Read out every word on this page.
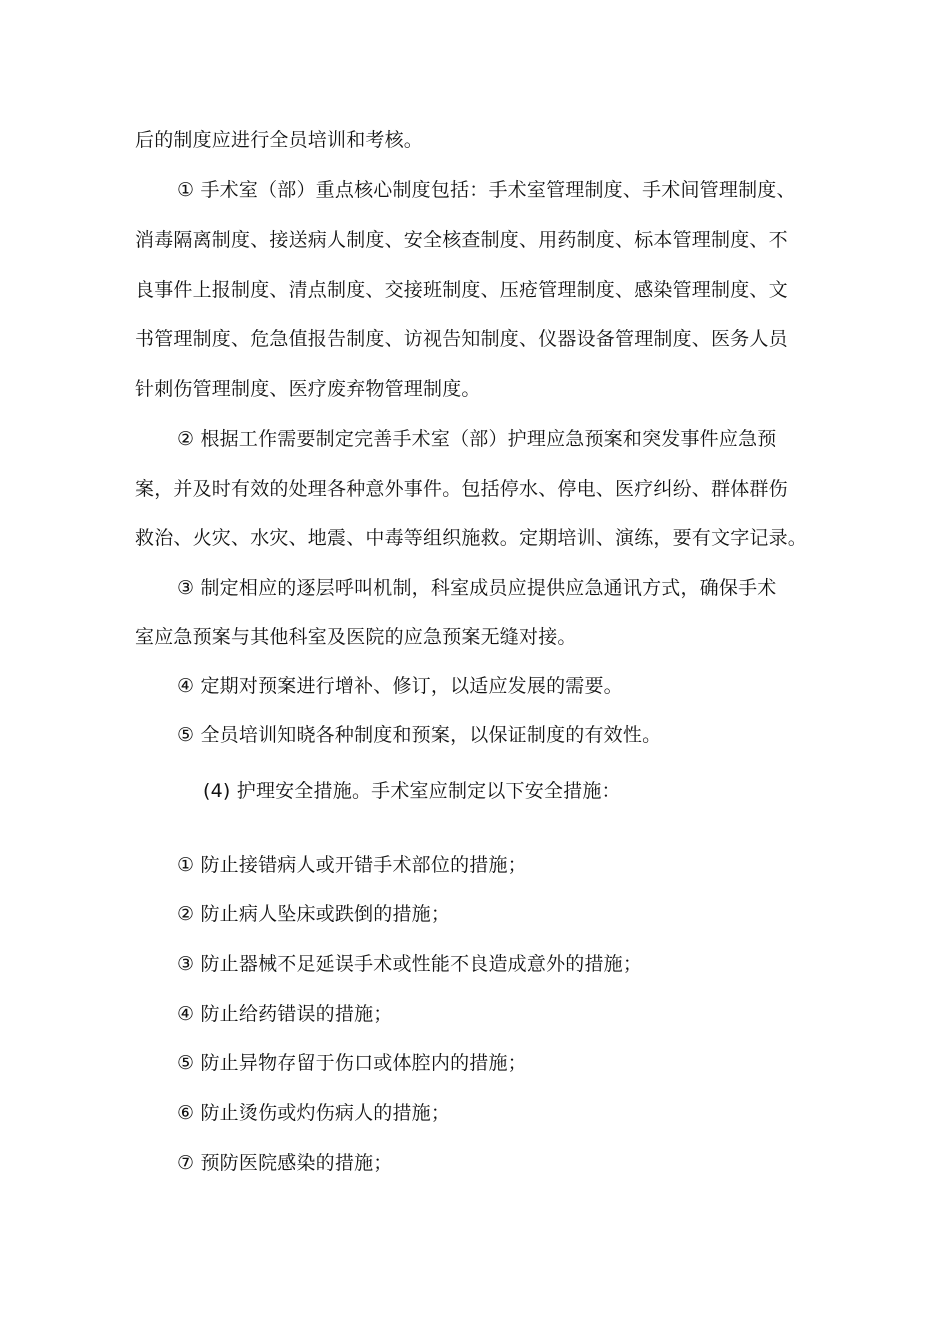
后的制度应进行全员培训和考核。
① 手术室（部）重点核心制度包括：手术室管理制度、手术间管理制度、
消毒隔离制度、接送病人制度、安全核查制度、用药制度、标本管理制度、不
良事件上报制度、清点制度、交接班制度、压疮管理制度、感染管理制度、文
书管理制度、危急值报告制度、访视告知制度、仪器设备管理制度、医务人员
针刺伤管理制度、医疗废弃物管理制度。
② 根据工作需要制定完善手术室（部）护理应急预案和突发事件应急预
案，并及时有效的处理各种意外事件。包括停水、停电、医疗纠纷、群体群伤
救治、火灾、水灾、地震、中毒等组织施救。定期培训、演练，要有文字记录。
③ 制定相应的逐层呼叫机制，科室成员应提供应急通讯方式，确保手术
室应急预案与其他科室及医院的应急预案无缝对接。
④ 定期对预案进行增补、修订，以适应发展的需要。
⑤ 全员培训知晓各种制度和预案，以保证制度的有效性。
(4) 护理安全措施。手术室应制定以下安全措施：
① 防止接错病人或开错手术部位的措施；
② 防止病人坠床或跌倒的措施；
③ 防止器械不足延误手术或性能不良造成意外的措施；
④ 防止给药错误的措施；
⑤ 防止异物存留于伤口或体腔内的措施；
⑥ 防止烫伤或灼伤病人的措施；
⑦ 预防医院感染的措施；
